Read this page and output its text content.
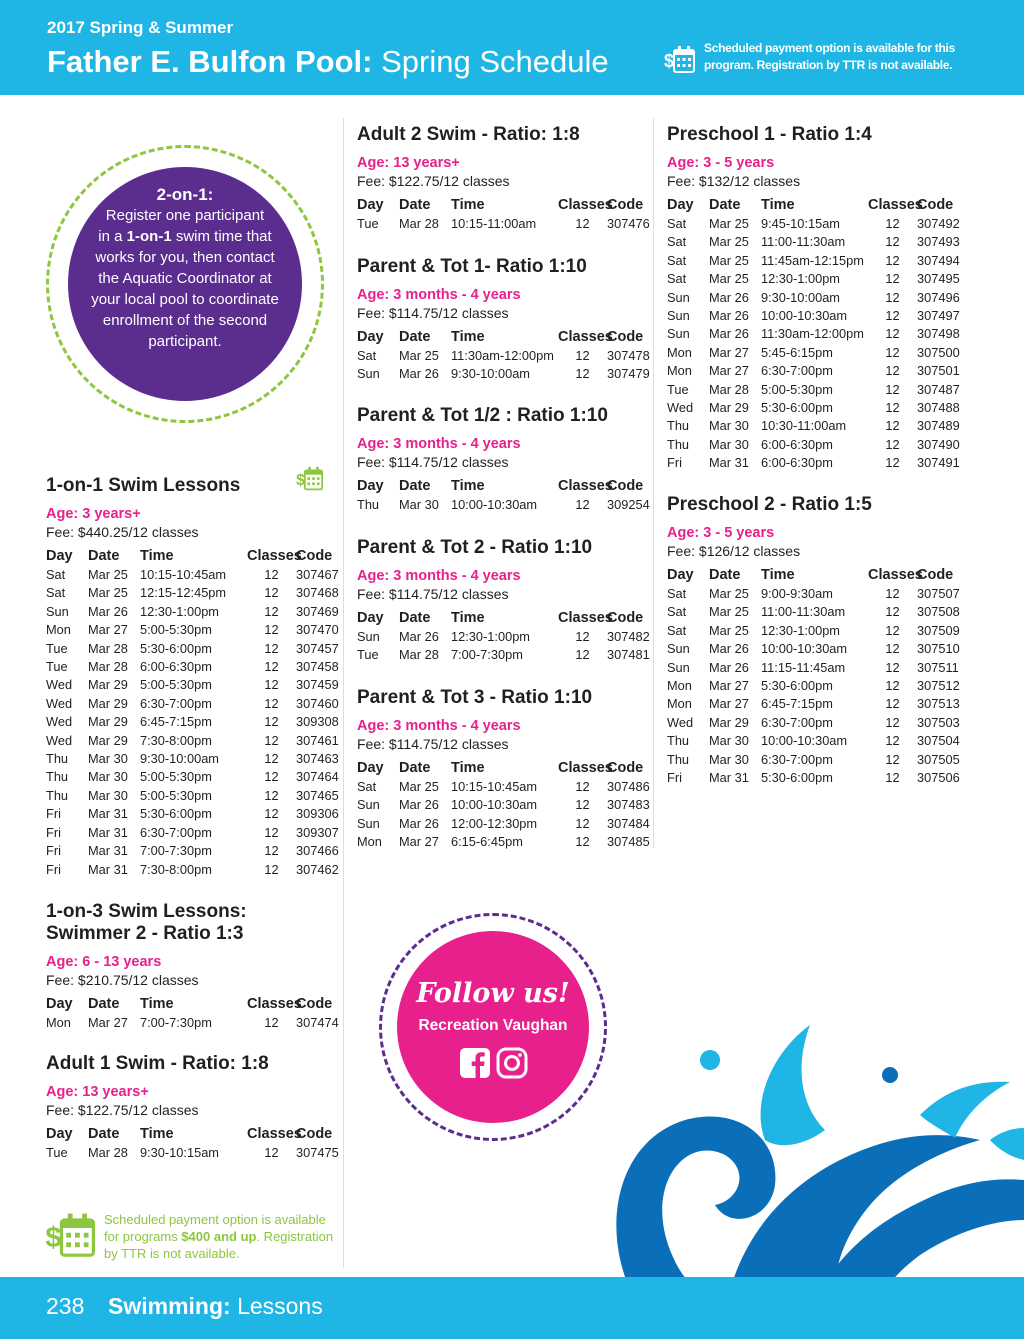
2017 Spring & Summer
Father E. Bulfon Pool: Spring Schedule	$
Scheduled payment option is available for this
program. Registration by TTR is not available.
2-on-1:
Register one participant
in a 1-on-1 swim time that
works for you, then contact
the Aquatic Coordinator at
your local pool to coordinate
enrollment of the second
participant.
1-on-1 Swim Lessons
Age: 3 years+
Fee: $440.25/12 classes
Day	Date	Time	Classes	Code
Sat	Mar 25	10:15-10:45am	12	307467
Sat	Mar 25	12:15-12:45pm	12	307468
Sun	Mar 26	12:30-1:00pm	12	307469
Mon	Mar 27	5:00-5:30pm	12	307470
Tue	Mar 28	5:30-6:00pm	12	307457
Tue	Mar 28	6:00-6:30pm	12	307458
Wed	Mar 29	5:00-5:30pm	12	307459
Wed	Mar 29	6:30-7:00pm	12	307460
Wed	Mar 29	6:45-7:15pm	12	309308
Wed	Mar 29	7:30-8:00pm	12	307461
Thu	Mar 30	9:30-10:00am	12	307463
Thu	Mar 30	5:00-5:30pm	12	307464
Thu	Mar 30	5:00-5:30pm	12	307465
Fri	Mar 31	5:30-6:00pm	12	309306
Fri	Mar 31	6:30-7:00pm	12	309307
Fri	Mar 31	7:00-7:30pm	12	307466
Fri	Mar 31	7:30-8:00pm	12	307462
$
1-on-3 Swim Lessons:
Swimmer 2 - Ratio 1:3
Age: 6 - 13 years
Fee: $210.75/12 classes
Day	Date	Time	Classes	Code
Mon	Mar 27	7:00-7:30pm	12	307474
Adult 1 Swim - Ratio: 1:8
Age: 13 years+
Fee: $122.75/12 classes
Day	Date	Time	Classes	Code
Tue	Mar 28	9:30-10:15am	12	307475
Adult 2 Swim - Ratio: 1:8
Age: 13 years+
Fee: $122.75/12 classes
Day	Date	Time	Classes	Code
Tue	Mar 28	10:15-11:00am	12	307476
Parent & Tot 1- Ratio 1:10
Age: 3 months - 4 years
Fee: $114.75/12 classes
Day	Date	Time	Classes	Code
Sat	Mar 25	11:30am-12:00pm	12	307478
Sun	Mar 26	9:30-10:00am	12	307479
Parent & Tot 1/2 : Ratio 1:10
Age: 3 months - 4 years
Fee: $114.75/12 classes
Day	Date	Time	Classes	Code
Thu	Mar 30	10:00-10:30am	12	309254
Parent & Tot 2 - Ratio 1:10
Age: 3 months - 4 years
Fee: $114.75/12 classes
Day	Date	Time	Classes	Code
Sun	Mar 26	12:30-1:00pm	12	307482
Tue	Mar 28	7:00-7:30pm	12	307481
Parent & Tot 3 - Ratio 1:10
Age: 3 months - 4 years
Fee: $114.75/12 classes
Day	Date	Time	Classes	Code
Sat	Mar 25	10:15-10:45am	12	307486
Sun	Mar 26	10:00-10:30am	12	307483
Sun	Mar 26	12:00-12:30pm	12	307484
Mon	Mar 27	6:15-6:45pm	12	307485
Preschool 1 - Ratio 1:4
Age: 3 - 5 years
Fee: $132/12 classes
Day	Date	Time	Classes	Code
Sat	Mar 25	9:45-10:15am	12	307492
Sat	Mar 25	11:00-11:30am	12	307493
Sat	Mar 25	11:45am-12:15pm	12	307494
Sat	Mar 25	12:30-1:00pm	12	307495
Sun	Mar 26	9:30-10:00am	12	307496
Sun	Mar 26	10:00-10:30am	12	307497
Sun	Mar 26	11:30am-12:00pm	12	307498
Mon	Mar 27	5:45-6:15pm	12	307500
Mon	Mar 27	6:30-7:00pm	12	307501
Tue	Mar 28	5:00-5:30pm	12	307487
Wed	Mar 29	5:30-6:00pm	12	307488
Thu	Mar 30	10:30-11:00am	12	307489
Thu	Mar 30	6:00-6:30pm	12	307490
Fri	Mar 31	6:00-6:30pm	12	307491
Preschool 2 - Ratio 1:5
Age: 3 - 5 years
Fee: $126/12 classes
Day	Date	Time	Classes	Code
Sat	Mar 25	9:00-9:30am	12	307507
Sat	Mar 25	11:00-11:30am	12	307508
Sat	Mar 25	12:30-1:00pm	12	307509
Sun	Mar 26	10:00-10:30am	12	307510
Sun	Mar 26	11:15-11:45am	12	307511
Mon	Mar 27	5:30-6:00pm	12	307512
Mon	Mar 27	6:45-7:15pm	12	307513
Wed	Mar 29	6:30-7:00pm	12	307503
Thu	Mar 30	10:00-10:30am	12	307504
Thu	Mar 30	6:30-7:00pm	12	307505
Fri	Mar 31	5:30-6:00pm	12	307506
Follow us!
Recreation Vaughan
$
Scheduled payment option is available for programs $400 and up. Registration by TTR is not available.
238 Swimming: Lessons
